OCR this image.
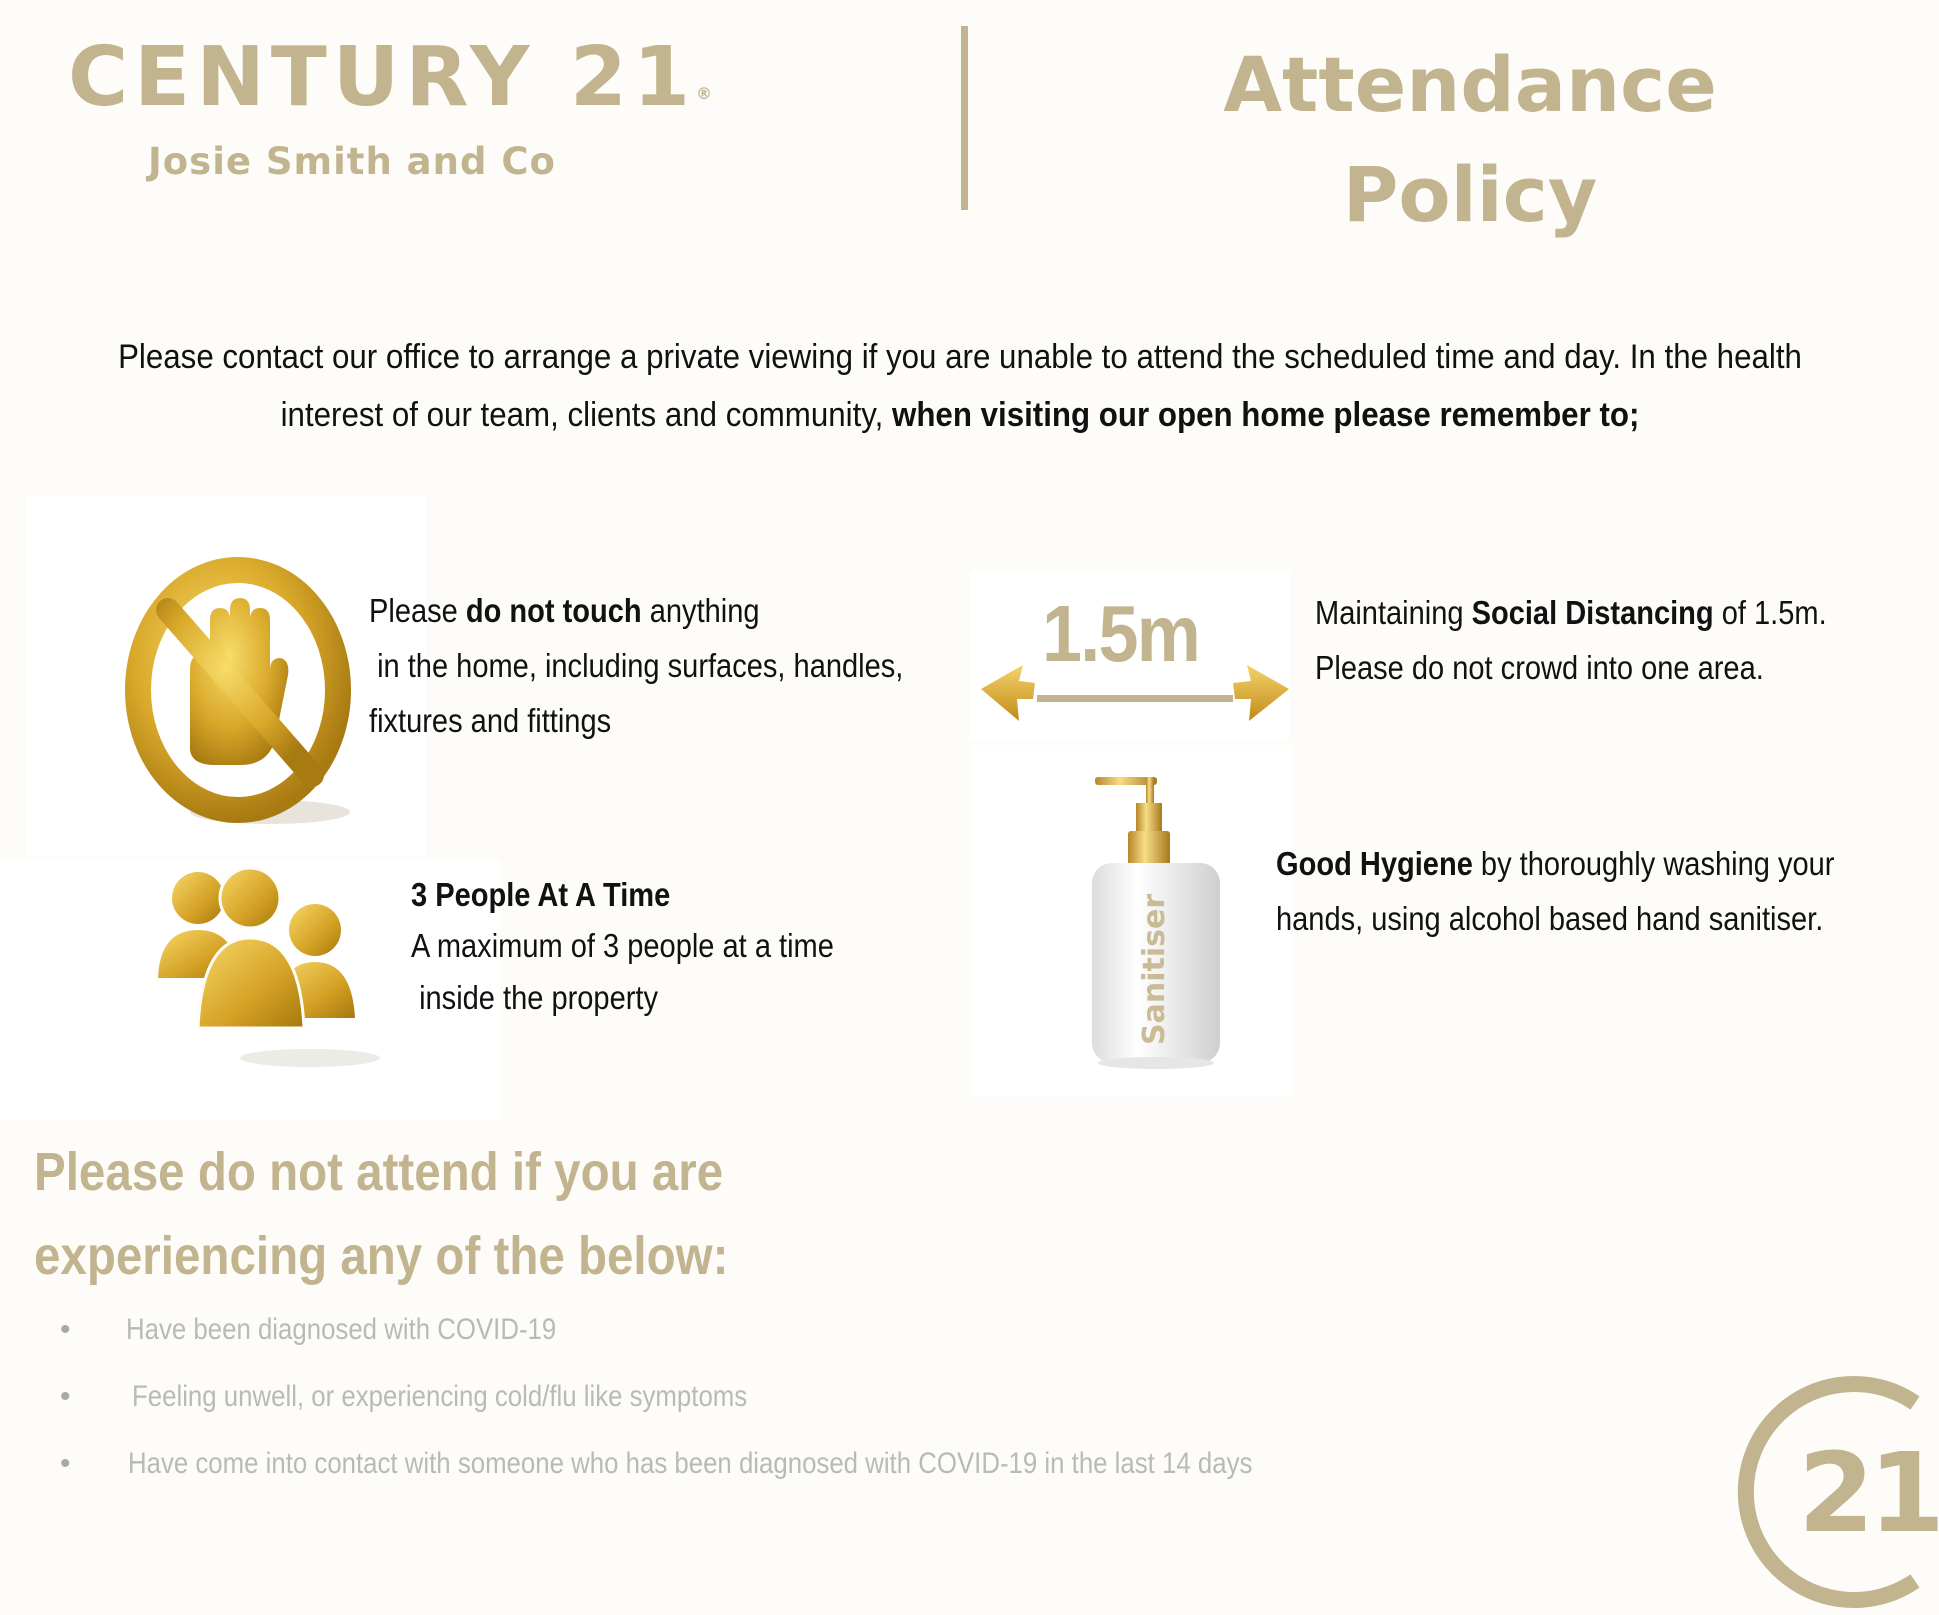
CENTURY 21®
Josie Smith and Co
Attendance
Policy
Please contact our office to arrange a private viewing if you are unable to attend the scheduled time and day. In the health interest of our team, clients and community, when visiting our open home please remember to;
Please do not touch anything
in the home, including surfaces, handles,
fixtures and fittings
1.5m	Maintaining Social Distancing of 1.5m.
Please do not crowd into one area.
3 People At A Time
A maximum of 3 people at a time
inside the property	Sanitiser
Good Hygiene by thoroughly washing your
hands, using alcohol based hand sanitiser.
Please do not attend if you are
experiencing any of the below:
• Have been diagnosed with COVID-19
• Feeling unwell, or experiencing cold/flu like symptoms
• Have come into contact with someone who has been diagnosed with COVID-19 in the last 14 days	21
